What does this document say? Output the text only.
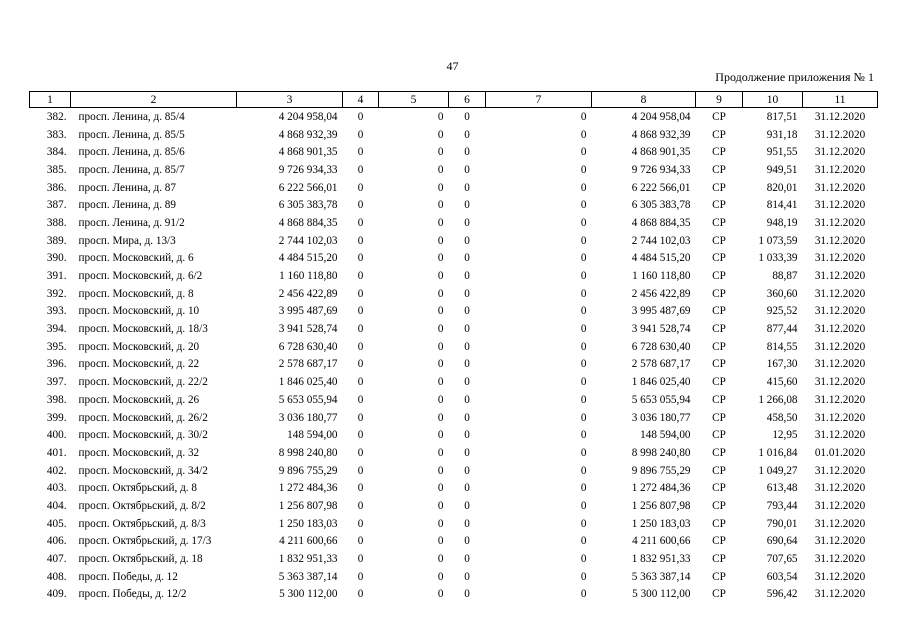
47
Продолжение приложения № 1
1	2	3	4	5	6	7	8	9	10	11
382.	просп. Ленина, д. 85/4	4 204 958,04	0	0	0	0	4 204 958,04	СР	817,51	31.12.2020
383.	просп. Ленина, д. 85/5	4 868 932,39	0	0	0	0	4 868 932,39	СР	931,18	31.12.2020
384.	просп. Ленина, д. 85/6	4 868 901,35	0	0	0	0	4 868 901,35	СР	951,55	31.12.2020
385.	просп. Ленина, д. 85/7	9 726 934,33	0	0	0	0	9 726 934,33	СР	949,51	31.12.2020
386.	просп. Ленина, д. 87	6 222 566,01	0	0	0	0	6 222 566,01	СР	820,01	31.12.2020
387.	просп. Ленина, д. 89	6 305 383,78	0	0	0	0	6 305 383,78	СР	814,41	31.12.2020
388.	просп. Ленина, д. 91/2	4 868 884,35	0	0	0	0	4 868 884,35	СР	948,19	31.12.2020
389.	просп. Мира, д. 13/3	2 744 102,03	0	0	0	0	2 744 102,03	СР	1 073,59	31.12.2020
390.	просп. Московский, д. 6	4 484 515,20	0	0	0	0	4 484 515,20	СР	1 033,39	31.12.2020
391.	просп. Московский, д. 6/2	1 160 118,80	0	0	0	0	1 160 118,80	СР	88,87	31.12.2020
392.	просп. Московский, д. 8	2 456 422,89	0	0	0	0	2 456 422,89	СР	360,60	31.12.2020
393.	просп. Московский, д. 10	3 995 487,69	0	0	0	0	3 995 487,69	СР	925,52	31.12.2020
394.	просп. Московский, д. 18/3	3 941 528,74	0	0	0	0	3 941 528,74	СР	877,44	31.12.2020
395.	просп. Московский, д. 20	6 728 630,40	0	0	0	0	6 728 630,40	СР	814,55	31.12.2020
396.	просп. Московский, д. 22	2 578 687,17	0	0	0	0	2 578 687,17	СР	167,30	31.12.2020
397.	просп. Московский, д. 22/2	1 846 025,40	0	0	0	0	1 846 025,40	СР	415,60	31.12.2020
398.	просп. Московский, д. 26	5 653 055,94	0	0	0	0	5 653 055,94	СР	1 266,08	31.12.2020
399.	просп. Московский, д. 26/2	3 036 180,77	0	0	0	0	3 036 180,77	СР	458,50	31.12.2020
400.	просп. Московский, д. 30/2	148 594,00	0	0	0	0	148 594,00	СР	12,95	31.12.2020
401.	просп. Московский, д. 32	8 998 240,80	0	0	0	0	8 998 240,80	СР	1 016,84	01.01.2020
402.	просп. Московский, д. 34/2	9 896 755,29	0	0	0	0	9 896 755,29	СР	1 049,27	31.12.2020
403.	просп. Октябрьский, д. 8	1 272 484,36	0	0	0	0	1 272 484,36	СР	613,48	31.12.2020
404.	просп. Октябрьский, д. 8/2	1 256 807,98	0	0	0	0	1 256 807,98	СР	793,44	31.12.2020
405.	просп. Октябрьский, д. 8/3	1 250 183,03	0	0	0	0	1 250 183,03	СР	790,01	31.12.2020
406.	просп. Октябрьский, д. 17/3	4 211 600,66	0	0	0	0	4 211 600,66	СР	690,64	31.12.2020
407.	просп. Октябрьский, д. 18	1 832 951,33	0	0	0	0	1 832 951,33	СР	707,65	31.12.2020
408.	просп. Победы, д. 12	5 363 387,14	0	0	0	0	5 363 387,14	СР	603,54	31.12.2020
409.	просп. Победы, д. 12/2	5 300 112,00	0	0	0	0	5 300 112,00	СР	596,42	31.12.2020
